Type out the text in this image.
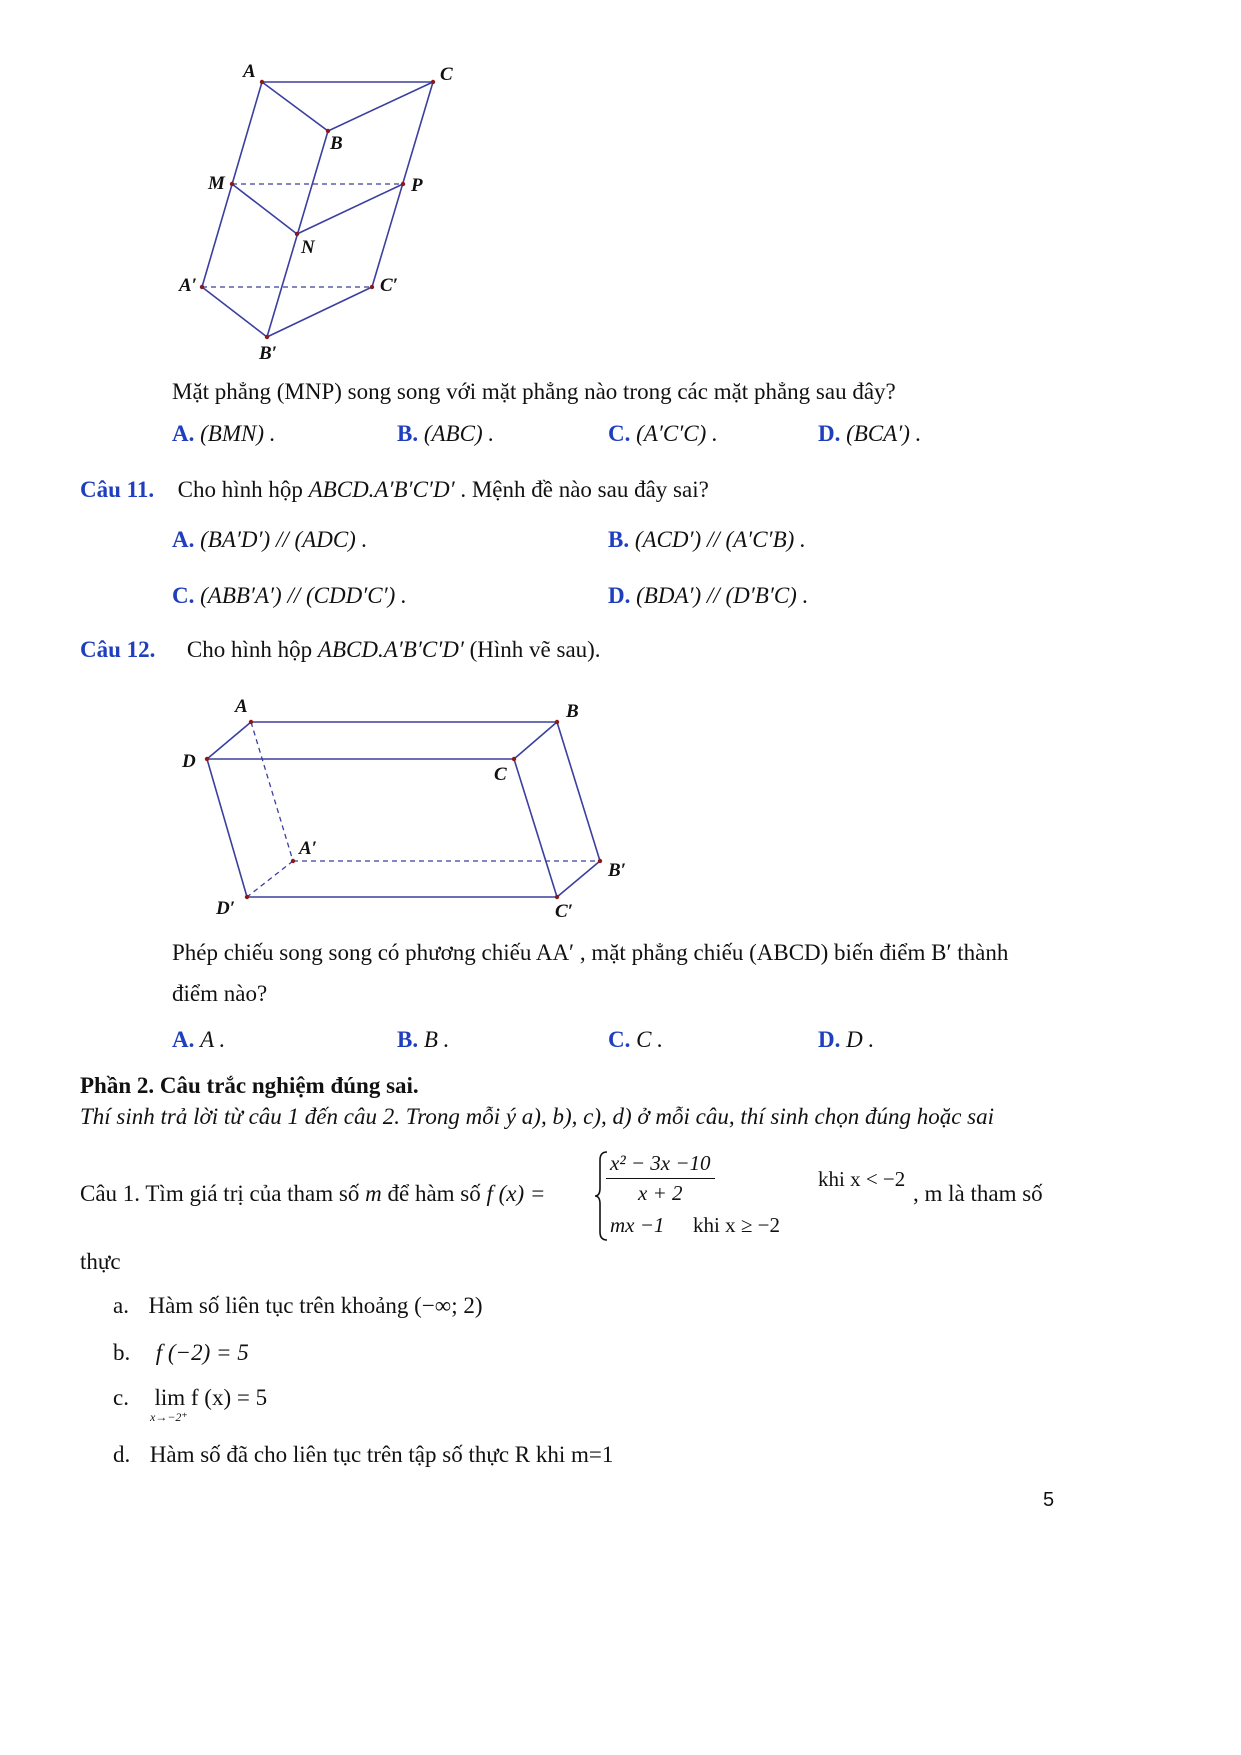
A	C
B
M	P
N
A′	C′
B′
Mặt phẳng (MNP) song song với mặt phẳng nào trong các mặt phẳng sau đây?
A. (BMN) .	B. (ABC) .	C. (A′C′C) .	D. (BCA′) .
Câu 11. Cho hình hộp ABCD.A′B′C′D′ . Mệnh đề nào sau đây sai?
A. (BA′D′) // (ADC) .	B. (ACD′) // (A′C′B) .
C. (ABB′A′) // (CDD′C′) .	D. (BDA′) // (D′B′C) .
Câu 12. Cho hình hộp ABCD.A′B′C′D′ (Hình vẽ sau).
A	B
D
C
A′
B′
D′	C′
Phép chiếu song song có phương chiếu AA′ , mặt phẳng chiếu (ABCD) biến điểm B′ thành
điểm nào?
A. A .	B. B .	C. C .	D. D .
Phần 2. Câu trắc nghiệm đúng sai.
Thí sinh trả lời từ câu 1 đến câu 2. Trong mỗi ý a), b), c), d) ở mỗi câu, thí sinh chọn đúng hoặc sai
Câu 1. Tìm giá trị của tham số m để hàm số f (x) =	$\frac{\text{x² − 3x −10}}{x + 2}$	khi x < −2
mx −1 khi x ≥ −2
, m là tham số
thực
a. Hàm số liên tục trên khoảng (−∞; 2)
b. f (−2) = 5
c. lim f (x) = 5
x→−2⁺
d. Hàm số đã cho liên tục trên tập số thực R khi m=1
5
